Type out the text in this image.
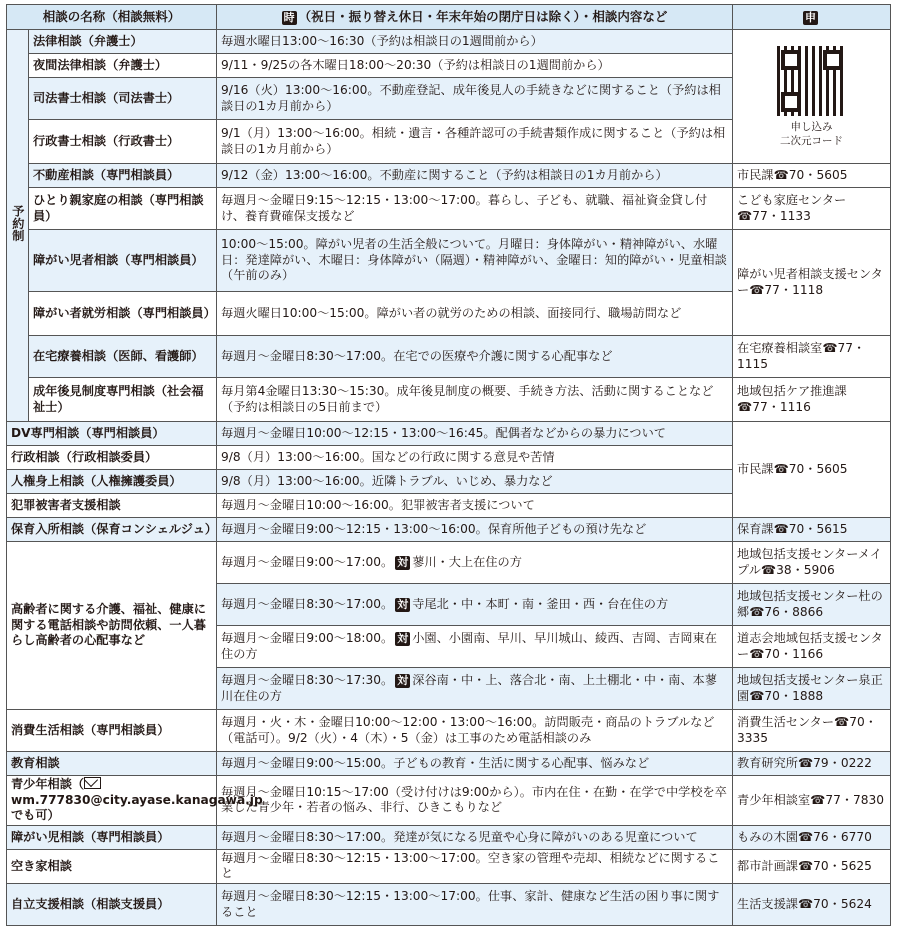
相談の名称（相談無料）		時 （祝日・振り替え休日・年末年始の閉庁日は除く）・相談内容など	申
予約制	法律相談（弁護士）	毎週水曜日13:00～16:30（予約は相談日の1週間前から）	申し込み
二次元コード

	夜間法律相談（弁護士）	9/11・9/25の各木曜日18:00～20:30（予約は相談日の1週間前から）	
	司法書士相談（司法書士）	9/16（火）13:00～16:00。不動産登記、成年後見人の手続きなどに関すること（予約は相談日の1カ月前から）	
	行政書士相談（行政書士）	9/1（月）13:00～16:00。相続・遺言・各種許認可の手続書類作成に関すること（予約は相談日の1カ月前から）	
	不動産相談（専門相談員）	9/12（金）13:00～16:00。不動産に関すること（予約は相談日の1カ月前から）	市民課☎70・5605
	ひとり親家庭の相談（専門相談員）	毎週月～金曜日9:15～12:15・13:00～17:00。暮らし、子ども、就職、福祉資金貸し付け、養育費確保支援など	こども家庭センター☎77・1133
	障がい児者相談（専門相談員）	10:00～15:00。障がい児者の生活全般について。月曜日：身体障がい・精神障がい、水曜日：発達障がい、木曜日：身体障がい（隔週）・精神障がい、金曜日：知的障がい・児童相談（午前のみ）	障がい児者相談支援センター☎77・1118
	障がい者就労相談（専門相談員）	毎週火曜日10:00～15:00。障がい者の就労のための相談、面接同行、職場訪問など	
	在宅療養相談（医師、看護師）	毎週月～金曜日8:30～17:00。在宅での医療や介護に関する心配事など	在宅療養相談室☎77・1115
	成年後見制度専門相談（社会福祉士）	毎月第4金曜日13:30～15:30。成年後見制度の概要、手続き方法、活動に関することなど（予約は相談日の5日前まで）	地域包括ケア推進課☎77・1116
DV専門相談（専門相談員）		毎週月～金曜日10:00～12:15・13:00～16:45。配偶者などからの暴力について	市民課☎70・5605
行政相談（行政相談委員）		9/8（月）13:00～16:00。国などの行政に関する意見や苦情	
人権身上相談（人権擁護委員）		9/8（月）13:00～16:00。近隣トラブル、いじめ、暴力など	
犯罪被害者支援相談		毎週月～金曜日10:00～16:00。犯罪被害者支援について	
保育入所相談（保育コンシェルジュ）		毎週月～金曜日9:00～12:15・13:00～16:00。保育所他子どもの預け先など	保育課☎70・5615
高齢者に関する介護、福祉、健康に関する電話相談や訪問依頼、一人暮らし高齢者の心配事など		毎週月～金曜日9:00～17:00。 対 蓼川・大上在住の方	地域包括支援センターメイプル☎38・5906
		毎週月～金曜日8:30～17:00。 対 寺尾北・中・本町・南・釜田・西・台在住の方	地域包括支援センター杜の郷☎76・8866
		毎週月～金曜日9:00～18:00。 対 小園、小園南、早川、早川城山、綾西、吉岡、吉岡東在住の方	道志会地域包括支援センター☎70・1166
		毎週月～金曜日8:30～17:30。 対 深谷南・中・上、落合北・南、上土棚北・中・南、本蓼川在住の方	地域包括支援センター泉正園☎70・1888
消費生活相談（専門相談員）		毎週月・火・木・金曜日10:00～12:00・13:00～16:00。訪問販売・商品のトラブルなど（電話可）。9/2（火）・4（木）・5（金）は工事のため電話相談のみ	消費生活センター☎70・3335
教育相談		毎週月～金曜日9:00～15:00。子どもの教育・生活に関する心配事、悩みなど	教育研究所☎79・0222
青少年相談（wm.777830@city.ayase.kanagawa.jpでも可）		毎週月～金曜日10:15～17:00（受け付けは9:00から）。市内在住・在勤・在学で中学校を卒業した青少年・若者の悩み、非行、ひきこもりなど	青少年相談室☎77・7830
障がい児相談（専門相談員）		毎週月～金曜日8:30～17:00。発達が気になる児童や心身に障がいのある児童について	もみの木園☎76・6770
空き家相談		毎週月～金曜日8:30～12:15・13:00～17:00。空き家の管理や売却、相続などに関すること	都市計画課☎70・5625
自立支援相談（相談支援員）		毎週月～金曜日8:30～12:15・13:00～17:00。仕事、家計、健康など生活の困り事に関すること	生活支援課☎70・5624
